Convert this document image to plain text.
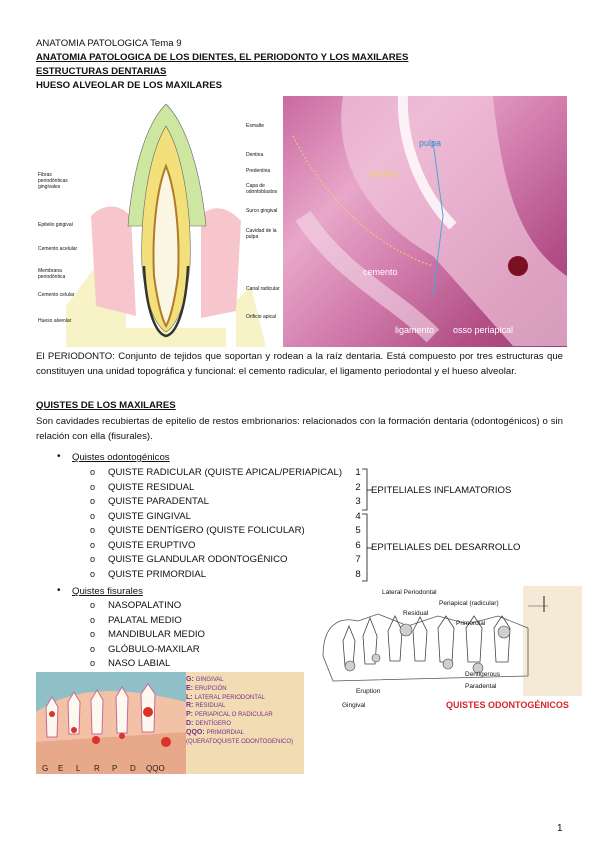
ANATOMIA PATOLOGICA Tema 9
ANATOMIA PATOLOGICA DE LOS DIENTES, EL PERIODONTO Y LOS MAXILARES
ESTRUCTURAS DENTARIAS
HUESO ALVEOLAR DE LOS MAXILARES
Esmalte
Dentina
Predentina
Capa de odontoblastos
Surco gingival
Cavidad de la pulpa
Canal radicular
Orificio apical
Fibras periodónticas gingivales
Epitelio gingival
Cemento acelular
Membrana periodóntica
Cemento celular
Hueso alveolar
pulpa
dentina
cemento
ligamento osso periapical
El PERIODONTO: Conjunto de tejidos que soportan y rodean a la raíz dentaria. Está compuesto por tres estructuras que constituyen una unidad topográfica y funcional: el cemento radicular, el ligamento periodontal y el hueso alveolar.
QUISTES DE LOS MAXILARES
Son cavidades recubiertas de epitelio de restos embrionarios: relacionados con la formación dentaria (odontogénicos) o sin relación con ella (fisurales).
• Quistes odontogénicos
o QUISTE RADICULAR (QUISTE APICAL/PERIAPICAL)
o QUISTE RESIDUAL
o QUISTE PARADENTAL
o QUISTE GINGIVAL
o QUISTE DENTÍGERO (QUISTE FOLICULAR)
o QUISTE ERUPTIVO
o QUISTE GLANDULAR ODONTOGÉNICO
o QUISTE PRIMORDIAL
1
2
3
4
5
6
7
8
EPITELIALES INFLAMATORIOS
EPITELIALES DEL DESARROLLO
• Quistes fisurales
o NASOPALATINO
o PALATAL MEDIO
o MANDIBULAR MEDIO
o GLÓBULO-MAXILAR
o NASO LABIAL
Lateral Periodontal
Residual
Periapical (radicular)
Primordial
Dentigerous
Paradental
Eruption
Gingival	QUISTES ODONTOGÉNICOS
G: GINGIVAL
E: ERUPCIÓN
L: LATERAL PERIODONTAL
R: RESIDUAL
P: PERIAPICAL O RADICULAR
D: DENTÍGERO
QQO: PRIMORDIAL
(QUERATOQUISTE ODONTOGENICO)
G E L R P D QQO
1
